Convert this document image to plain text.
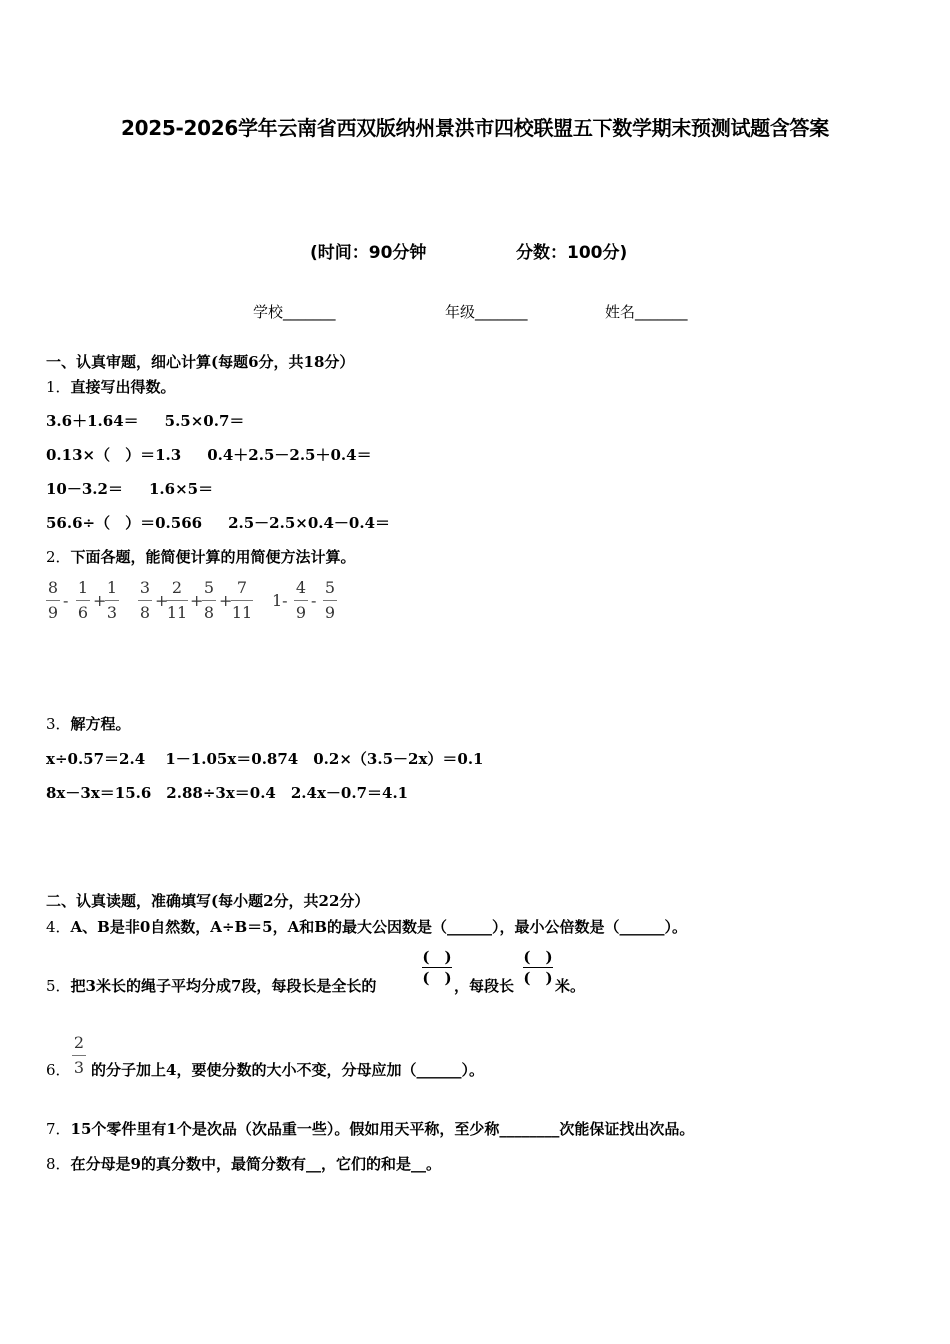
2025-2026学年云南省西双版纳州景洪市四校联盟五下数学期末预测试题含答案
(时间：90分钟	分数：100分)
学校_______	年级_______	姓名_______
一、认真审题，细心计算(每题6分，共18分）
1．直接写出得数。
3.6＋1.64＝ 5.5×0.7＝
0.13×（　）＝1.3 0.4＋2.5－2.5＋0.4＝
10－3.2＝ 1.6×5＝
56.6÷（　）＝0.566 2.5－2.5×0.4－0.4＝
2．下面各题，能简便计算的用简便方法计算。
8
9
-
1
6
+
1
3
3
8
+
2
11
+
5
8
+
7
11
1-
4
9
-
5
9
3．解方程。
x÷0.57＝2.4　 1－1.05x＝0.874　0.2×（3.5－2x）＝0.1
8x－3x＝15.6　2.88÷3x＝0.4　2.4x－0.7＝4.1
二、认真读题，准确填写(每小题2分，共22分）
4．A、B是非0自然数，A÷B＝5，A和B的最大公因数是（______），最小公倍数是（______）。
5．把3米长的绳子平均分成7段，每段长是全长的
(　)
(　) ，每段长
(　)
(　) 米。
6．
2
3 的分子加上4，要使分数的大小不变，分母应加（______）。
7．15个零件里有1个是次品（次品重一些）。假如用天平称，至少称________次能保证找出次品。
8．在分母是9的真分数中，最简分数有__，它们的和是__。
